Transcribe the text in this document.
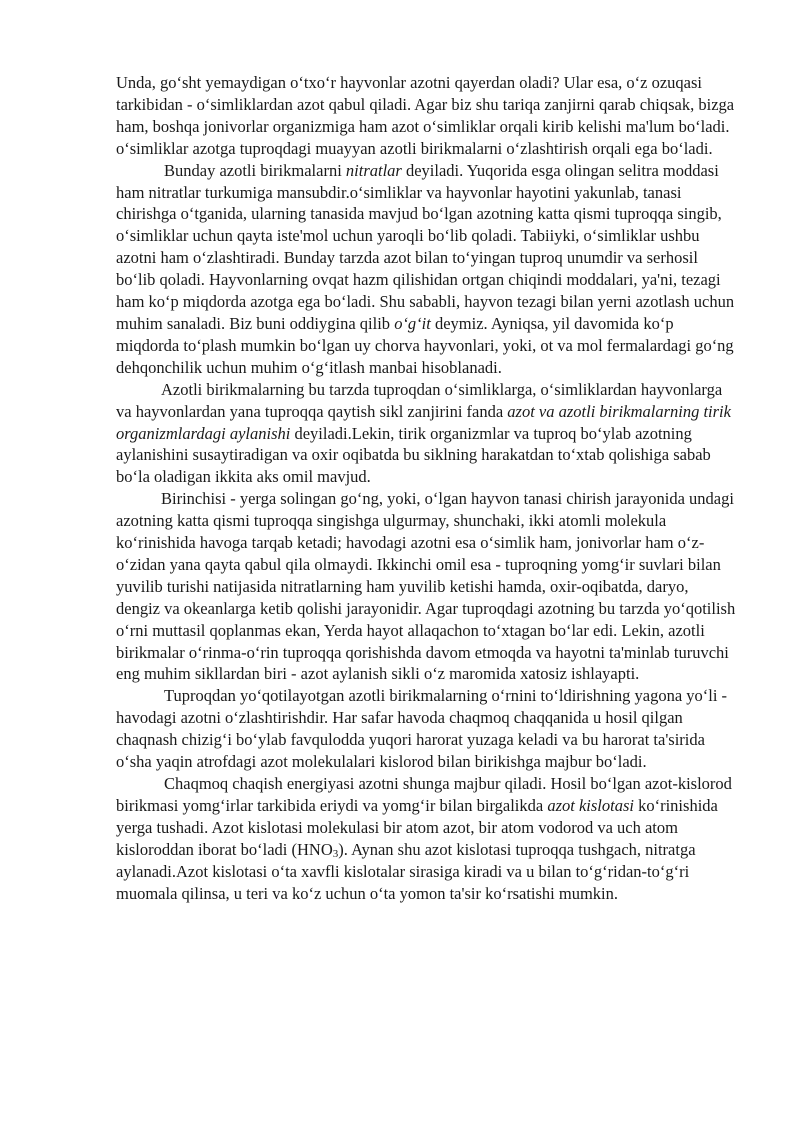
Unda, go‘sht yemaydigan o‘txo‘r hayvonlar azotni qayerdan oladi? Ular esa, o‘z ozuqasi tarkibidan - o‘simliklardan azot qabul qiladi. Agar biz shu tariqa zanjirni qarab chiqsak, bizga ham, boshqa jonivorlar organizmiga ham azot o‘simliklar orqali kirib kelishi ma'lum bo‘ladi. o‘simliklar azotga tuproqdagi muayyan azotli birikmalarni o‘zlashtirish orqali ega bo‘ladi.

Bunday azotli birikmalarni nitratlar deyiladi. Yuqorida esga olingan selitra moddasi ham nitratlar turkumiga mansubdir.o‘simliklar va hayvonlar hayotini yakunlab, tanasi chirishga o‘tganida, ularning tanasida mavjud bo‘lgan azotning katta qismi tuproqqa singib, o‘simliklar uchun qayta iste'mol uchun yaroqli bo‘lib qoladi. Tabiiyki, o‘simliklar ushbu azotni ham o‘zlashtiradi. Bunday tarzda azot bilan to‘yingan tuproq unumdir va serhosil bo‘lib qoladi. Hayvonlarning ovqat hazm qilishidan ortgan chiqindi moddalari, ya'ni, tezagi ham ko‘p miqdorda azotga ega bo‘ladi. Shu sababli, hayvon tezagi bilan yerni azotlash uchun muhim sanaladi. Biz buni oddiygina qilib o‘g‘it deymiz. Ayniqsa, yil davomida ko‘p miqdorda to‘plash mumkin bo‘lgan uy chorva hayvonlari, yoki, ot va mol fermalardagi go‘ng dehqonchilik uchun muhim o‘g‘itlash manbai hisoblanadi.

Azotli birikmalarning bu tarzda tuproqdan o‘simliklarga, o‘simliklardan hayvonlarga va hayvonlardan yana tuproqqa qaytish sikl zanjirini fanda azot va azotli birikmalarning tirik organizmlardagi aylanishi deyiladi.Lekin, tirik organizmlar va tuproq bo‘ylab azotning aylanishini susaytiradigan va oxir oqibatda bu siklning harakatdan to‘xtab qolishiga sabab bo‘la oladigan ikkita aks omil mavjud.

Birinchisi - yerga solingan go‘ng, yoki, o‘lgan hayvon tanasi chirish jarayonida undagi azotning katta qismi tuproqqa singishga ulgurmay, shunchaki, ikki atomli molekula ko‘rinishida havoga tarqab ketadi; havodagi azotni esa o‘simlik ham, jonivorlar ham o‘z-o‘zidan yana qayta qabul qila olmaydi. Ikkinchi omil esa - tuproqning yomg‘ir suvlari bilan yuvilib turishi natijasida nitratlarning ham yuvilib ketishi hamda, oxir-oqibatda, daryo, dengiz va okeanlarga ketib qolishi jarayonidir. Agar tuproqdagi azotning bu tarzda yo‘qotilish o‘rni muttasil qoplanmas ekan, Yerda hayot allaqachon to‘xtagan bo‘lar edi. Lekin, azotli birikmalar o‘rinma-o‘rin tuproqqa qorishishda davom etmoqda va hayotni ta'minlab turuvchi eng muhim sikllardan biri - azot aylanish sikli o‘z maromida xatosiz ishlayapti.

Tuproqdan yo‘qotilayotgan azotli birikmalarning o‘rnini to‘ldirishning yagona yo‘li - havodagi azotni o‘zlashtirishdir. Har safar havoda chaqmoq chaqqanida u hosil qilgan chaqnash chizig‘i bo‘ylab favqulodda yuqori harorat yuzaga keladi va bu harorat ta'sirida o‘sha yaqin atrofdagi azot molekulalari kislorod bilan birikishga majbur bo‘ladi.

Chaqmoq chaqish energiyasi azotni shunga majbur qiladi. Hosil bo‘lgan azot-kislorod birikmasi yomg‘irlar tarkibida eriydi va yomg‘ir bilan birgalikda azot kislotasi ko‘rinishida yerga tushadi. Azot kislotasi molekulasi bir atom azot, bir atom vodorod va uch atom kisloroddan iborat bo‘ladi $(HNO_3)$. Aynan shu azot kislotasi tuproqqa tushgach, nitratga aylanadi.Azot kislotasi o‘ta xavfli kislotalar sirasiga kiradi va u bilan to‘g‘ridan-to‘g‘ri muomala qilinsa, u teri va ko‘z uchun o‘ta yomon ta'sir ko‘rsatishi mumkin.
